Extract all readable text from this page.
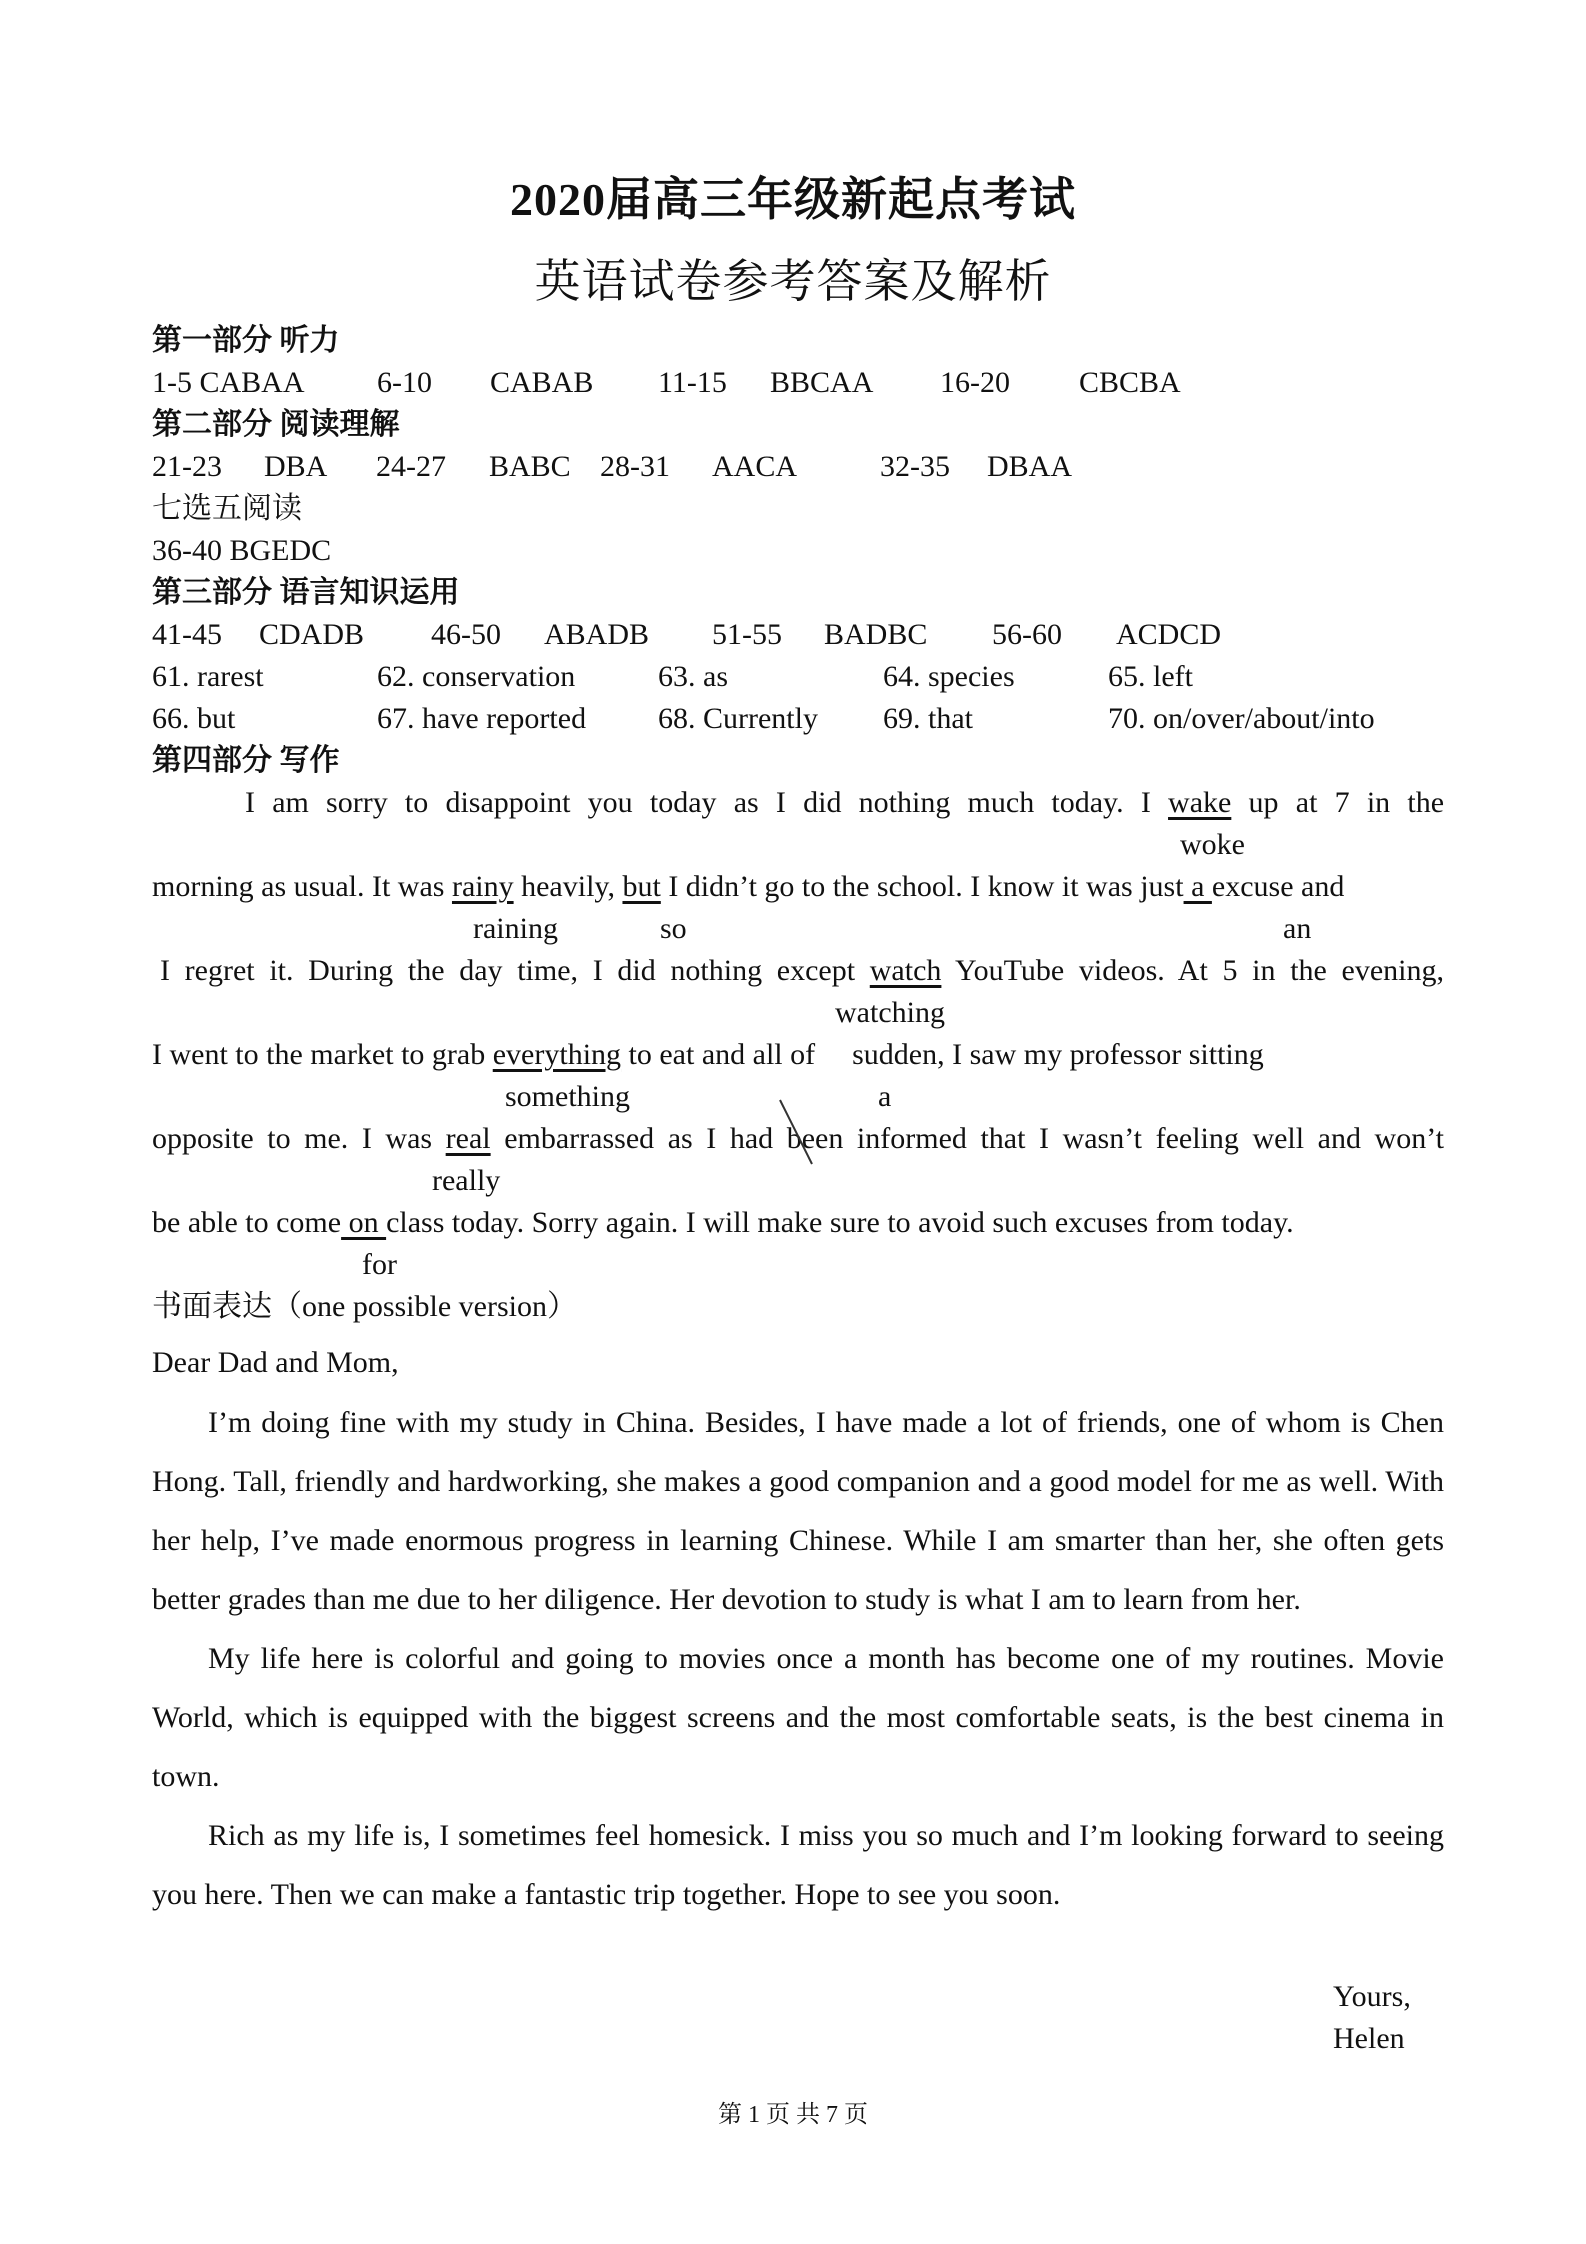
2020届高三年级新起点考试
英语试卷参考答案及解析
第一部分 听力
1-5 CABAA	6-10	CABAB	11-15	BBCAA	16-20	CBCBA
第二部分 阅读理解
21-23	DBA	24-27	BABC 28-31	AACA	32-35	DBAA
七选五阅读
36-40 BGEDC
第三部分 语言知识运用
41-45	CDADB	46-50	ABADB	51-55	BADBC	56-60	ACDCD
61. rarest	62. conservation	63. as	64. species	65. left
66. but	67. have reported	68. Currently	69. that	70. on/over/about/into
第四部分 写作
I am sorry to disappoint you today as I did nothing much today. I wake up at 7 in the
woke
morning as usual. It was rainy heavily, but I didn’t go to the school. I know it was just a excuse and
raining	so	an
I regret it. During the day time, I did nothing except watch YouTube videos. At 5 in the evening,
watching
I went to the market to grab everything to eat and all of sudden, I saw my professor sitting
something	a
opposite to me. I was real embarrassed as I had been informed that I wasn’t feeling well and won’t
really
be able to come on class today. Sorry again. I will make sure to avoid such excuses from today.
for
书面表达（one possible version）
Dear Dad and Mom,

I’m doing fine with my study in China. Besides, I have made a lot of friends, one of whom is Chen Hong. Tall, friendly and hardworking, she makes a good companion and a good model for me as well. With her help, I’ve made enormous progress in learning Chinese. While I am smarter than her, she often gets better grades than me due to her diligence. Her devotion to study is what I am to learn from her.

My life here is colorful and going to movies once a month has become one of my routines. Movie World, which is equipped with the biggest screens and the most comfortable seats, is the best cinema in town.

Rich as my life is, I sometimes feel homesick. I miss you so much and I’m looking forward to seeing you here. Then we can make a fantastic trip together. Hope to see you soon.

Yours,
Helen
第 1 页 共 7 页
